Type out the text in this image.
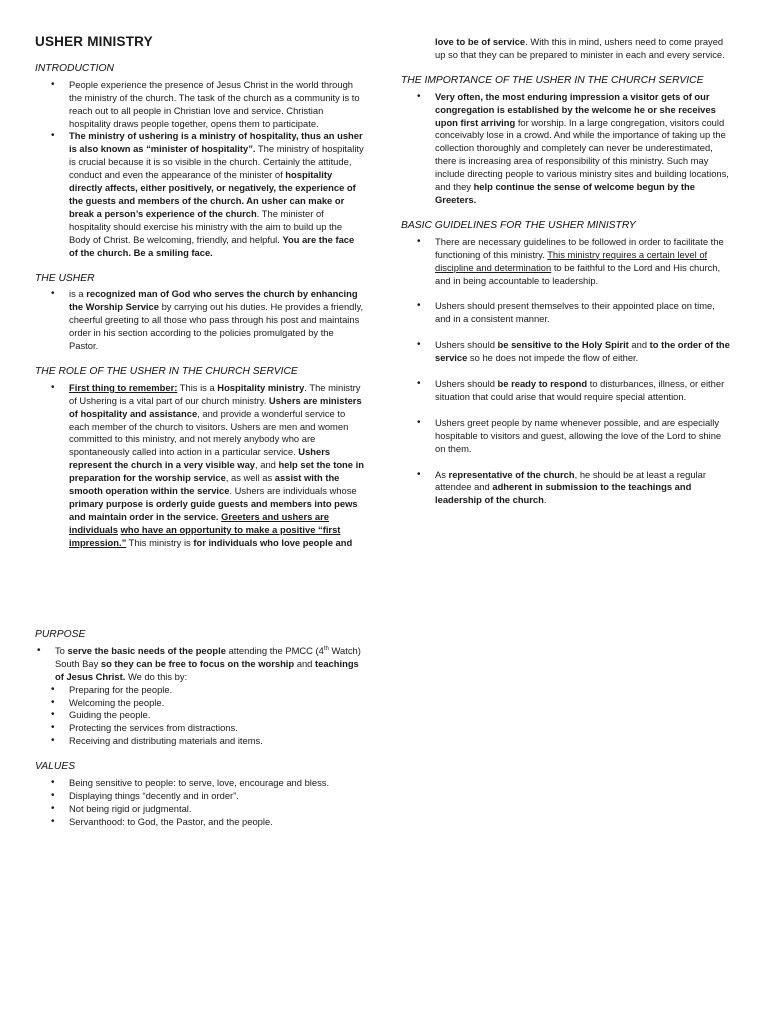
USHER MINISTRY
INTRODUCTION
• People experience the presence of Jesus Christ in the world through the ministry of the church. The task of the church as a community is to reach out to all people in Christian love and service. Christian hospitality draws people together, opens them to participate.
• The ministry of ushering is a ministry of hospitality, thus an usher is also known as “minister of hospitality”. The ministry of hospitality is crucial because it is so visible in the church. Certainly the attitude, conduct and even the appearance of the minister of hospitality directly affects, either positively, or negatively, the experience of the guests and members of the church. An usher can make or break a person’s experience of the church. The minister of hospitality should exercise his ministry with the aim to build up the Body of Christ. Be welcoming, friendly, and helpful. You are the face of the church. Be a smiling face.
THE USHER
• is a recognized man of God who serves the church by enhancing the Worship Service by carrying out his duties. He provides a friendly, cheerful greeting to all those who pass through his post and maintains order in his section according to the policies promulgated by the Pastor.
THE ROLE OF THE USHER IN THE CHURCH SERVICE
• First thing to remember: This is a Hospitality ministry. The ministry of Ushering is a vital part of our church ministry. Ushers are ministers of hospitality and assistance, and provide a wonderful service to each member of the church to visitors. Ushers are men and women committed to this ministry, and not merely anybody who are spontaneously called into action in a particular service. Ushers represent the church in a very visible way, and help set the tone in preparation for the worship service, as well as assist with the smooth operation within the service. Ushers are individuals whose primary purpose is orderly guide guests and members into pews and maintain order in the service. Greeters and ushers are individuals who have an opportunity to make a positive “first impression.” This ministry is for individuals who love people and
PURPOSE
• To serve the basic needs of the people attending the PMCC (4th Watch) South Bay so they can be free to focus on the worship and teachings of Jesus Christ. We do this by:
• Preparing for the people.
• Welcoming the people.
• Guiding the people.
• Protecting the services from distractions.
• Receiving and distributing materials and items.
VALUES
• Being sensitive to people: to serve, love, encourage and bless.
• Displaying things “decently and in order”.
• Not being rigid or judgmental.
• Servanthood: to God, the Pastor, and the people.
love to be of service. With this in mind, ushers need to come prayed up so that they can be prepared to minister in each and every service.
THE IMPORTANCE OF THE USHER IN THE CHURCH SERVICE
• Very often, the most enduring impression a visitor gets of our congregation is established by the welcome he or she receives upon first arriving for worship. In a large congregation, visitors could conceivably lose in a crowd. And while the importance of taking up the collection thoroughly and completely can never be underestimated, there is increasing area of responsibility of this ministry. Such may include directing people to various ministry sites and building locations, and they help continue the sense of welcome begun by the Greeters.
BASIC GUIDELINES FOR THE USHER MINISTRY
• There are necessary guidelines to be followed in order to facilitate the functioning of this ministry. This ministry requires a certain level of discipline and determination to be faithful to the Lord and His church, and in being accountable to leadership.
• Ushers should present themselves to their appointed place on time, and in a consistent manner.
• Ushers should be sensitive to the Holy Spirit and to the order of the service so he does not impede the flow of either.
• Ushers should be ready to respond to disturbances, illness, or either situation that could arise that would require special attention.
• Ushers greet people by name whenever possible, and are especially hospitable to visitors and guest, allowing the love of the Lord to shine on them.
• As representative of the church, he should be at least a regular attendee and adherent in submission to the teachings and leadership of the church.
